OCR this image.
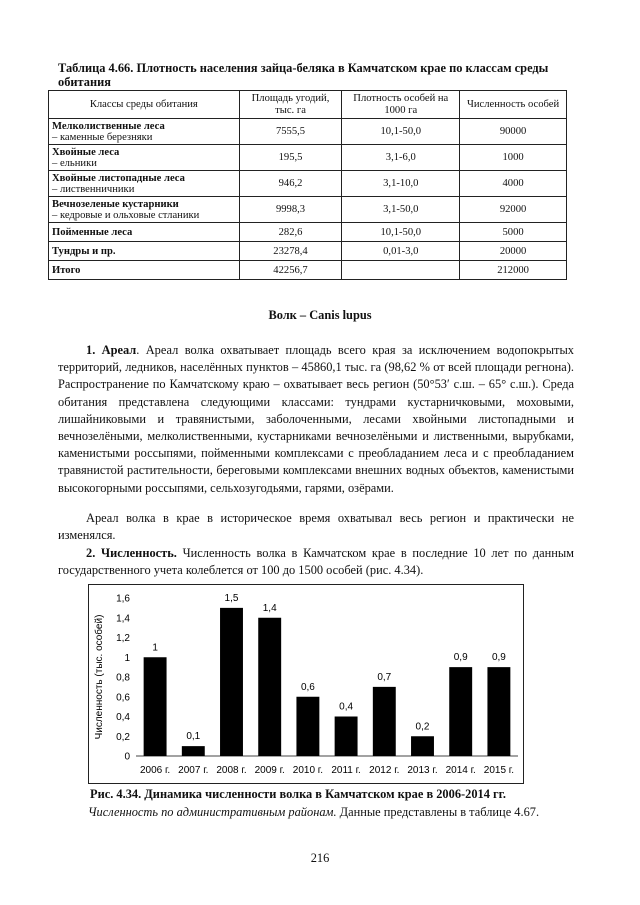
Таблица 4.66. Плотность населения зайца-беляка в Камчатском крае по классам среды обитания
Классы среды обитания	Площадь угодий, тыс. га	Плотность особей на 1000 га	Численность особей
Мелколиственные леса
– каменные березняки	7555,5	10,1-50,0	90000
Хвойные леса
– ельники	195,5	3,1-6,0	1000
Хвойные листопадные леса
– лиственничники	946,2	3,1-10,0	4000
Вечнозеленые кустарники
– кедровые и ольховые стланики	9998,3	3,1-50,0	92000
Пойменные леса	282,6	10,1-50,0	5000
Тундры и пр.	23278,4	0,01-3,0	20000
Итого	42256,7		212000
Волк – Canis lupus
1. Ареал. Ареал волка охватывает площадь всего края за исключением водопокрытых территорий, ледников, населённых пунктов – 45860,1 тыс. га (98,62 % от всей площади регнона). Распространение по Камчатскому краю – охватывает весь регион (50°53′ с.ш. – 65° с.ш.). Среда обитания представлена следующими классами: тундрами кустарничковыми, моховыми, лишайниковыми и травянистыми, заболоченными, лесами хвойными листопадными и вечнозелёными, мелколиственными, кустарниками вечнозелёными и лиственными, вырубками, каменистыми россыпями, пойменными комплексами с преобладанием леса и с преобладанием травянистой растительности, береговыми комплексами внешних водных объектов, каменистыми высокогорными россыпями, сельхозугодьями, гарями, озёрами.
Ареал волка в крае в историческое время охватывал весь регион и практически не изменялся.
2. Численность. Численность волка в Камчатском крае в последние 10 лет по данным государственного учета колеблется от 100 до 1500 особей (рис. 4.34).
1
0,1
1,5
1,4
0,6
0,4
0,7
0,2
0,9 0,9
0
0,2
0,4
0,6
0,8
1
1,2
1,4
1,6
2006 г. 2007 г. 2008 г. 2009 г. 2010 г. 2011 г. 2012 г. 2013 г. 2014 г. 2015 г.
Численность (тыс. особей)
Рис. 4.34. Динамика численности волка в Камчатском крае в 2006-2014 гг.
Численность по административным районам. Данные представлены в таблице 4.67.
216
